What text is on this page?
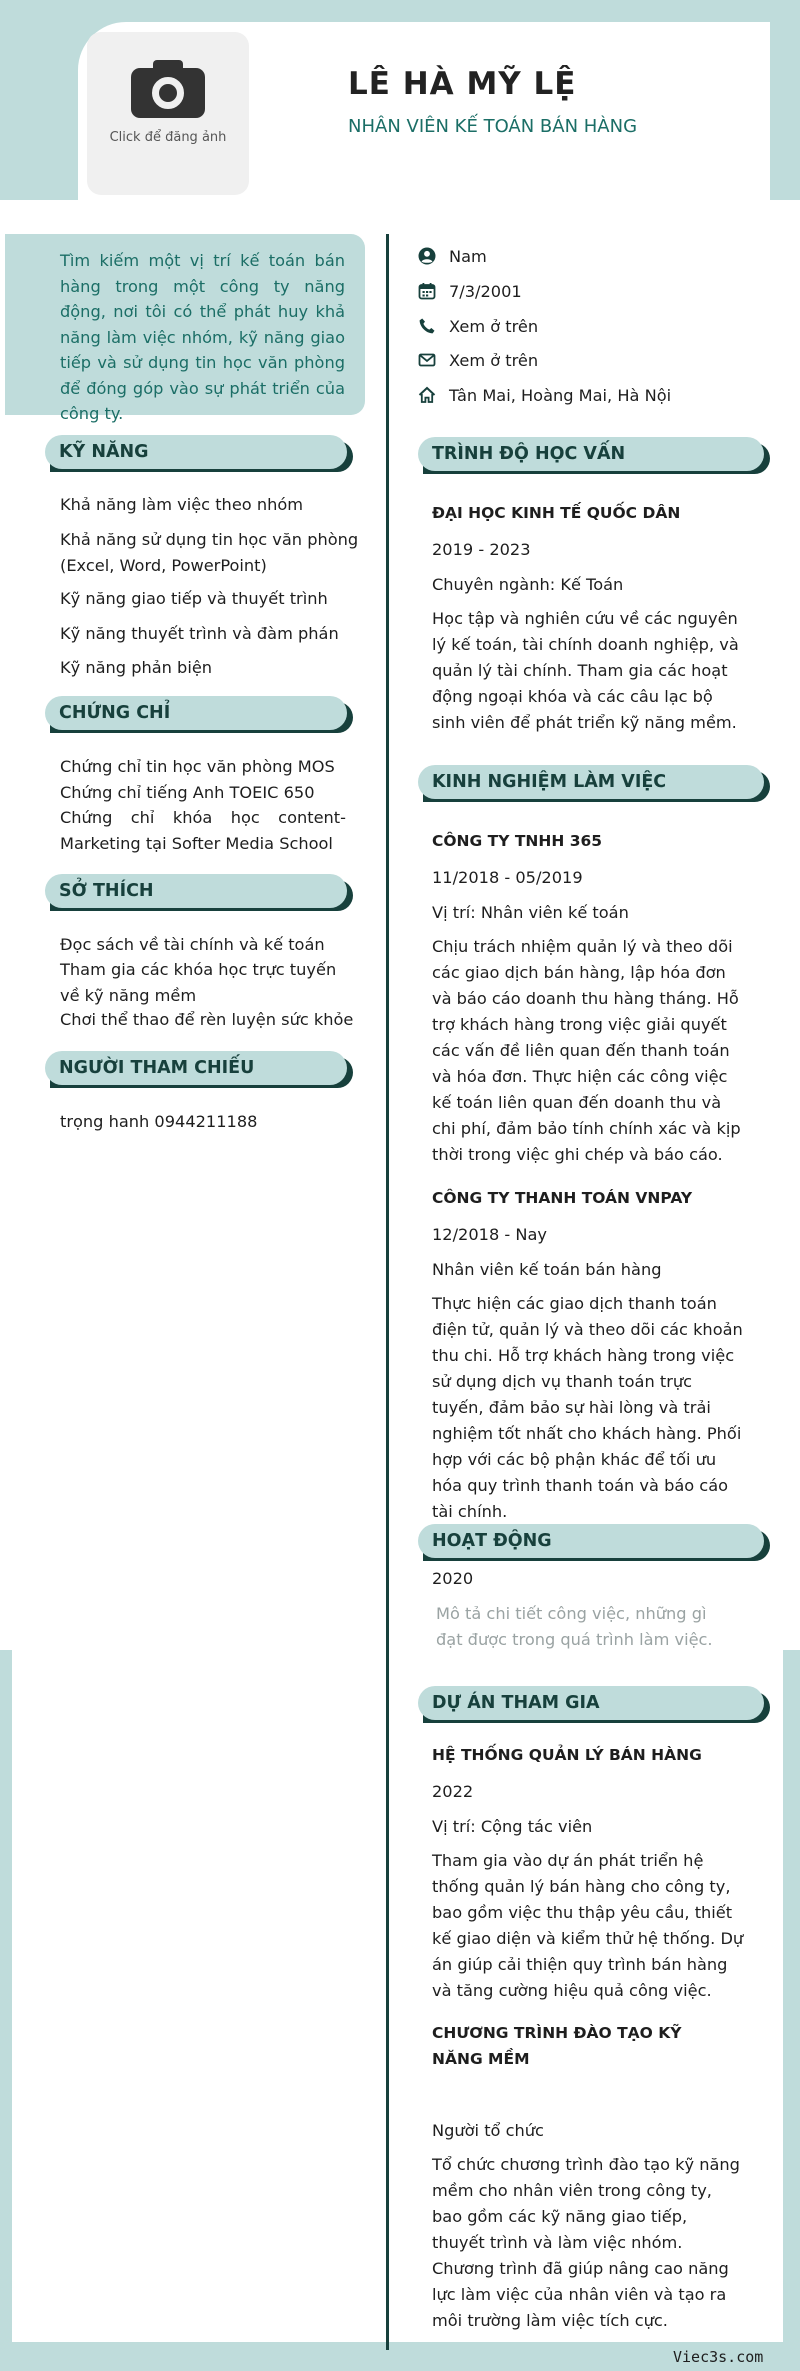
Click để đăng ảnh
LÊ HÀ MỸ LỆ
NHÂN VIÊN KẾ TOÁN BÁN HÀNG
Tìm kiếm một vị trí kế toán bán hàng trong một công ty năng động, nơi tôi có thể phát huy khả năng làm việc nhóm, kỹ năng giao tiếp và sử dụng tin học văn phòng để đóng góp vào sự phát triển của công ty.
Nam
7/3/2001
Xem ở trên
Xem ở trên
Tân Mai, Hoàng Mai, Hà Nội
KỸ NĂNG
Khả năng làm việc theo nhóm
Khả năng sử dụng tin học văn phòng (Excel, Word, PowerPoint)
Kỹ năng giao tiếp và thuyết trình
Kỹ năng thuyết trình và đàm phán
Kỹ năng phản biện
CHỨNG CHỈ
Chứng chỉ tin học văn phòng MOS
Chứng chỉ tiếng Anh TOEIC 650
Chứng chỉ khóa học content-Marketing tại Softer Media School
SỞ THÍCH
Đọc sách về tài chính và kế toán
Tham gia các khóa học trực tuyến về kỹ năng mềm
Chơi thể thao để rèn luyện sức khỏe
NGƯỜI THAM CHIẾU
trọng hanh 0944211188
TRÌNH ĐỘ HỌC VẤN
ĐẠI HỌC KINH TẾ QUỐC DÂN
2019 - 2023
Chuyên ngành: Kế Toán
Học tập và nghiên cứu về các nguyên lý kế toán, tài chính doanh nghiệp, và quản lý tài chính. Tham gia các hoạt động ngoại khóa và các câu lạc bộ sinh viên để phát triển kỹ năng mềm.
KINH NGHIỆM LÀM VIỆC
CÔNG TY TNHH 365
11/2018 - 05/2019
Vị trí: Nhân viên kế toán
Chịu trách nhiệm quản lý và theo dõi các giao dịch bán hàng, lập hóa đơn và báo cáo doanh thu hàng tháng. Hỗ trợ khách hàng trong việc giải quyết các vấn đề liên quan đến thanh toán và hóa đơn. Thực hiện các công việc kế toán liên quan đến doanh thu và chi phí, đảm bảo tính chính xác và kịp thời trong việc ghi chép và báo cáo.
CÔNG TY THANH TOÁN VNPAY
12/2018 - Nay
Nhân viên kế toán bán hàng
Thực hiện các giao dịch thanh toán điện tử, quản lý và theo dõi các khoản thu chi. Hỗ trợ khách hàng trong việc sử dụng dịch vụ thanh toán trực tuyến, đảm bảo sự hài lòng và trải nghiệm tốt nhất cho khách hàng. Phối hợp với các bộ phận khác để tối ưu hóa quy trình thanh toán và báo cáo tài chính.
HOẠT ĐỘNG
2020
Mô tả chi tiết công việc, những gì đạt được trong quá trình làm việc.
DỰ ÁN THAM GIA
HỆ THỐNG QUẢN LÝ BÁN HÀNG
2022
Vị trí: Cộng tác viên
Tham gia vào dự án phát triển hệ thống quản lý bán hàng cho công ty, bao gồm việc thu thập yêu cầu, thiết kế giao diện và kiểm thử hệ thống. Dự án giúp cải thiện quy trình bán hàng và tăng cường hiệu quả công việc.
CHƯƠNG TRÌNH ĐÀO TẠO KỸ NĂNG MỀM
Người tổ chức
Tổ chức chương trình đào tạo kỹ năng mềm cho nhân viên trong công ty, bao gồm các kỹ năng giao tiếp, thuyết trình và làm việc nhóm. Chương trình đã giúp nâng cao năng lực làm việc của nhân viên và tạo ra môi trường làm việc tích cực.
Viec3s.com
